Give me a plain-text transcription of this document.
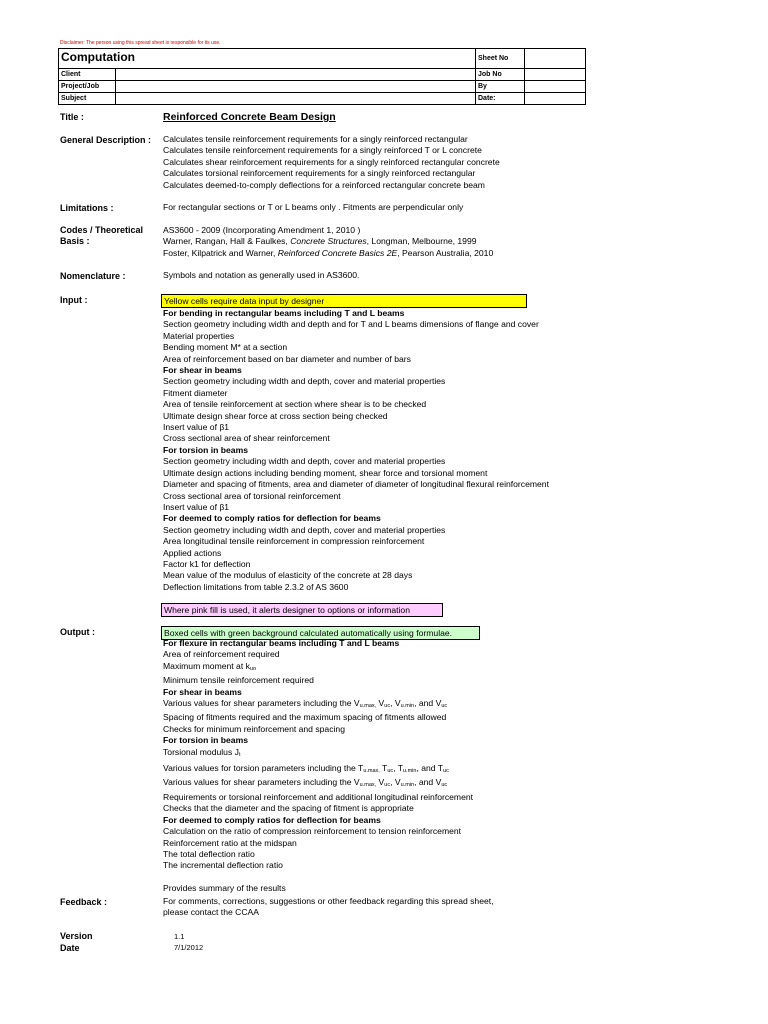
Disclaimer: The person using this spread sheet is responsible for its use.
Computation		Sheet No	
Client		Job No	
Project/Job		By	
Subject		Date:	
Title :	Reinforced Concrete Beam Design
General Description : Calculates tensile reinforcement requirements for a singly reinforced rectangular
Calculates tensile reinforcement requirements for a singly reinforced T or L concrete
Calculates shear reinforcement requirements for a singly reinforced rectangular concrete
Calculates torsional reinforcement requirements for a singly reinforced rectangular
Calculates deemed-to-comply deflections for a reinforced rectangular concrete beam
Limitations :	For rectangular sections or T or L beams only . Fitments are perpendicular only
Codes / Theoretical
Basis :
AS3600 - 2009 (Incorporating Amendment 1, 2010 )
Warner, Rangan, Hall & Faulkes, Concrete Structures, Longman, Melbourne, 1999
Foster, Kilpatrick and Warner, Reinforced Concrete Basics 2E, Pearson Australia, 2010
Nomenclature :	Symbols and notation as generally used in AS3600.
Input :	Yellow cells require data input by designer
For bending in rectangular beams including T and L beams
Section geometry including width and depth and for T and L beams dimensions of flange and cover
Material properties
Bending moment M* at a section
Area of reinforcement based on bar diameter and number of bars
For shear in beams
Section geometry including width and depth, cover and material properties
Fitment diameter
Area of tensile reinforcement at section where shear is to be checked
Ultimate design shear force at cross section being checked
Insert value of β1
Cross sectional area of shear reinforcement
For torsion in beams
Section geometry including width and depth, cover and material properties
Ultimate design actions including bending moment, shear force and torsional moment
Diameter and spacing of fitments, area and diameter of diameter of longitudinal flexural reinforcement
Cross sectional area of torsional reinforcement
Insert value of β1
For deemed to comply ratios for deflection for beams
Section geometry including width and depth, cover and material properties
Area longitudinal tensile reinforcement in compression reinforcement
Applied actions
Factor k1 for deflection
Mean value of the modulus of elasticity of the concrete at 28 days
Deflection limitations from table 2.3.2 of AS 3600
Where pink fill is used, it alerts designer to options or information
Output :	Boxed cells with green background calculated automatically using formulae.
For flexure in rectangular beams including T and L beams
Area of reinforcement required
Maximum moment at $k_{uo}$
Minimum tensile reinforcement required
For shear in beams
Various values for shear parameters including the $V_{u.max,}$ $V_{uc}$, $V_{u.min}$, and $V_{uc}$
Spacing of fitments required and the maximum spacing of fitments allowed
Checks for minimum reinforcement and spacing
For torsion in beams
Torsional modulus $J_t$
Various values for torsion parameters including the $T_{u.max,}$ $T_{uc}$, $T_{u.min}$, and $T_{uc}$
Various values for shear parameters including the $V_{u.max,}$ $V_{uc}$, $V_{u.min}$, and $V_{uc}$
Requirements or torsional reinforcement and additional longitudinal reinforcement
Checks that the diameter and the spacing of fitment is appropriate
For deemed to comply ratios for deflection for beams
Calculation on the ratio of compression reinforcement to tension reinforcement
Reinforcement ratio at the midspan
The total deflection ratio
The incremental deflection ratio
Provides summary of the results
Feedback :	For comments, corrections, suggestions or other feedback regarding this spread sheet,
please contact the CCAA
Version	1.1
Date	7/1/2012
